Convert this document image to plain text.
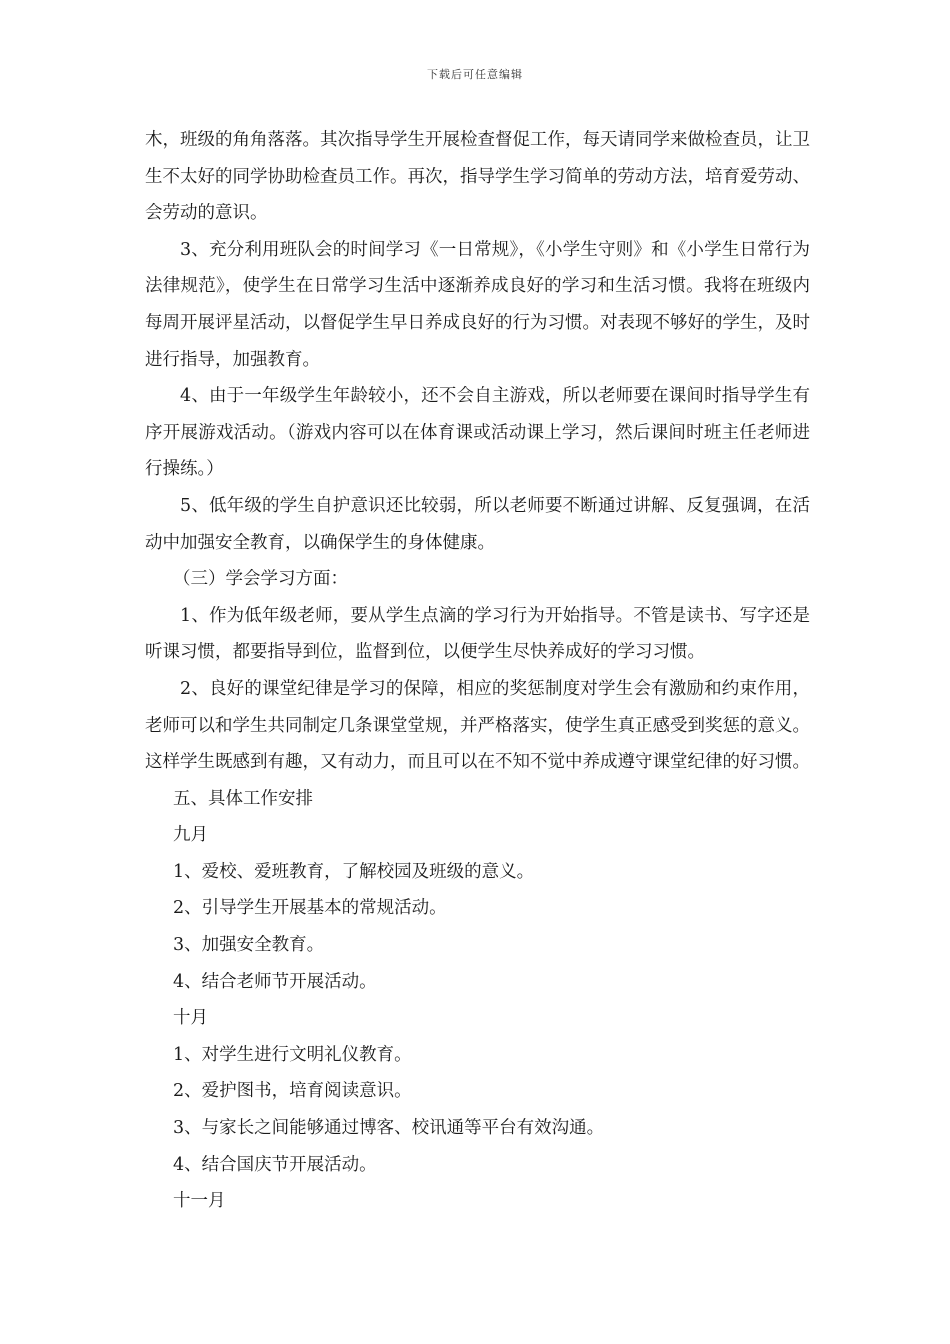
下载后可任意编辑

木，班级的角角落落。其次指导学生开展检查督促工作，每天请同学来做检查员，让卫生不太好的同学协助检查员工作。再次，指导学生学习简单的劳动方法，培育爱劳动、会劳动的意识。

3、充分利用班队会的时间学习《一日常规》，《小学生守则》和《小学生日常行为法律规范》，使学生在日常学习生活中逐渐养成良好的学习和生活习惯。我将在班级内每周开展评星活动，以督促学生早日养成良好的行为习惯。对表现不够好的学生，及时进行指导，加强教育。

4、由于一年级学生年龄较小，还不会自主游戏，所以老师要在课间时指导学生有序开展游戏活动。（游戏内容可以在体育课或活动课上学习，然后课间时班主任老师进行操练。）

5、低年级的学生自护意识还比较弱，所以老师要不断通过讲解、反复强调，在活动中加强安全教育，以确保学生的身体健康。

（三）学会学习方面：

1、作为低年级老师，要从学生点滴的学习行为开始指导。不管是读书、写字还是听课习惯，都要指导到位，监督到位，以便学生尽快养成好的学习习惯。

2、良好的课堂纪律是学习的保障，相应的奖惩制度对学生会有激励和约束作用，老师可以和学生共同制定几条课堂堂规，并严格落实，使学生真正感受到奖惩的意义。这样学生既感到有趣，又有动力，而且可以在不知不觉中养成遵守课堂纪律的好习惯。

五、具体工作安排

九月

1、爱校、爱班教育，了解校园及班级的意义。

2、引导学生开展基本的常规活动。

3、加强安全教育。

4、结合老师节开展活动。

十月

1、对学生进行文明礼仪教育。

2、爱护图书，培育阅读意识。

3、与家长之间能够通过博客、校讯通等平台有效沟通。

4、结合国庆节开展活动。

十一月
